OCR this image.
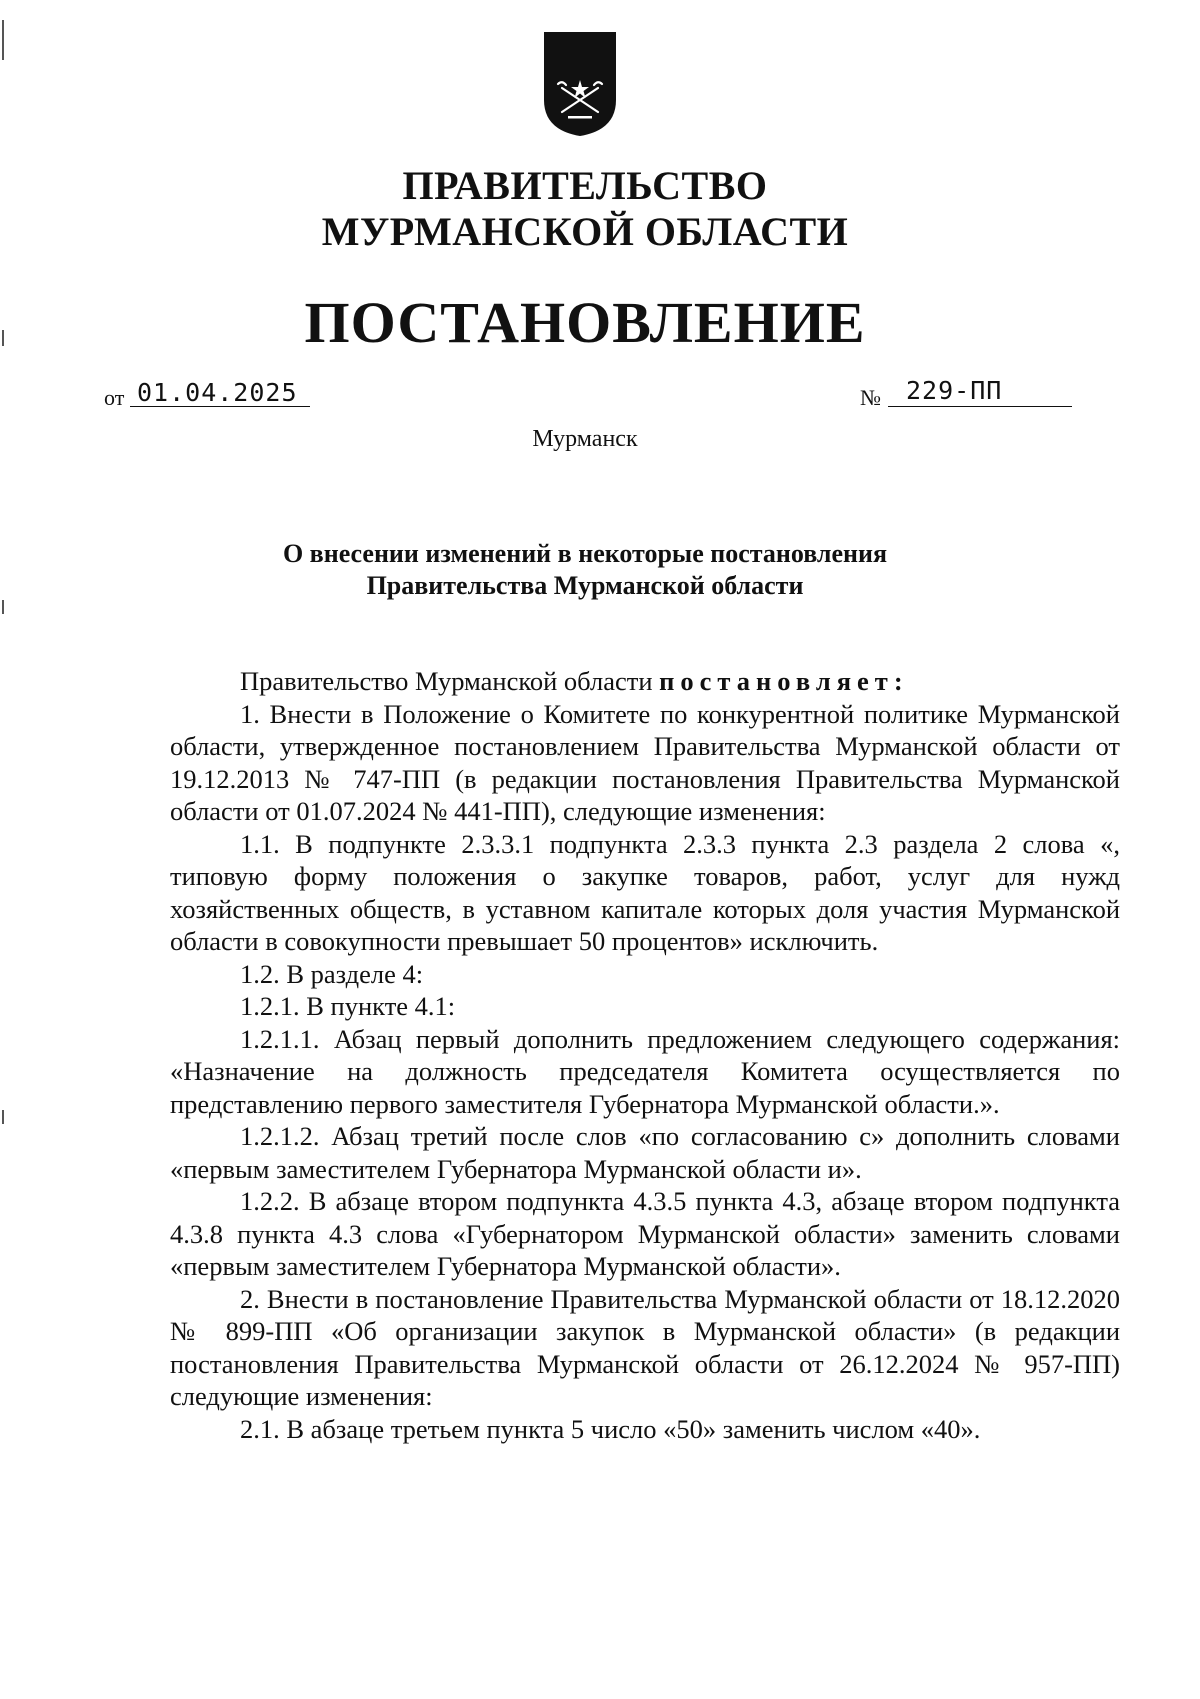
ПРАВИТЕЛЬСТВО
МУРМАНСКОЙ ОБЛАСТИ
ПОСТАНОВЛЕНИЕ
от 01.04.2025	№ 229-ПП
Мурманск
О внесении изменений в некоторые постановления
Правительства Мурманской области

Правительство Мурманской области постановляет:

1. Внести в Положение о Комитете по конкурентной политике Мурманской области, утвержденное постановлением Правительства Мурманской области от 19.12.2013 № 747-ПП (в редакции постановления Правительства Мурманской области от 01.07.2024 № 441-ПП), следующие изменения:

1.1. В подпункте 2.3.3.1 подпункта 2.3.3 пункта 2.3 раздела 2 слова «, типовую форму положения о закупке товаров, работ, услуг для нужд хозяйственных обществ, в уставном капитале которых доля участия Мурманской области в совокупности превышает 50 процентов» исключить.

1.2. В разделе 4:

1.2.1. В пункте 4.1:

1.2.1.1. Абзац первый дополнить предложением следующего содержания: «Назначение на должность председателя Комитета осуществляется по представлению первого заместителя Губернатора Мурманской области.».

1.2.1.2. Абзац третий после слов «по согласованию с» дополнить словами «первым заместителем Губернатора Мурманской области и».

1.2.2. В абзаце втором подпункта 4.3.5 пункта 4.3, абзаце втором подпункта 4.3.8 пункта 4.3 слова «Губернатором Мурманской области» заменить словами «первым заместителем Губернатора Мурманской области».

2. Внести в постановление Правительства Мурманской области от 18.12.2020 № 899-ПП «Об организации закупок в Мурманской области» (в редакции постановления Правительства Мурманской области от 26.12.2024 № 957-ПП) следующие изменения:

2.1. В абзаце третьем пункта 5 число «50» заменить числом «40».
